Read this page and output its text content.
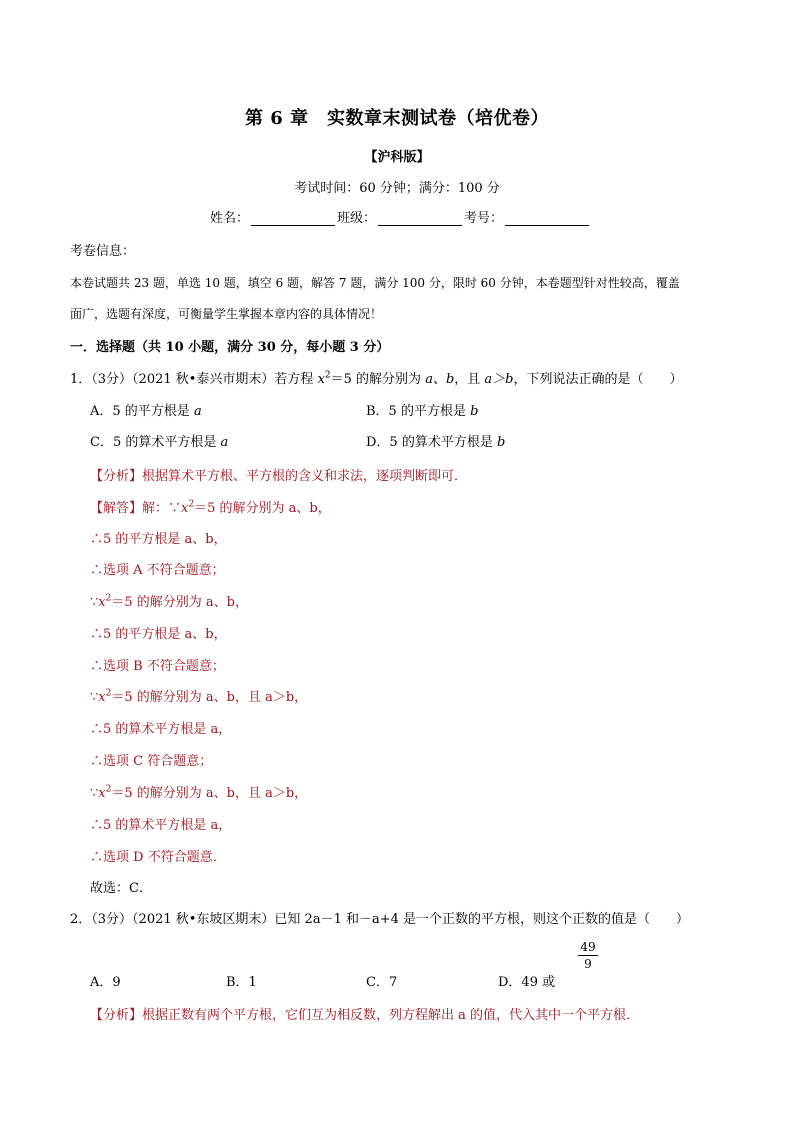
第 6 章　实数章末测试卷（培优卷）
【沪科版】
考试时间：60 分钟；满分：100 分
姓名：	班级：	考号：
考卷信息：
本卷试题共 23 题，单选 10 题，填空 6 题，解答 7 题，满分 100 分，限时 60 分钟，本卷题型针对性较高，覆盖
面广，选题有深度，可衡量学生掌握本章内容的具体情况！
一．选择题（共 10 小题，满分 30 分，每小题 3 分）
1．（3分）（2021 秋•泰兴市期末）若方程 $x^2=5$ 的解分别为 a、b，且 a＞b，下列说法正确的是（　　）
A．5 的平方根是 a	B．5 的平方根是 b
C．5 的算术平方根是 a	D．5 的算术平方根是 b
【分析】根据算术平方根、平方根的含义和求法，逐项判断即可．
【解答】解：$\because x^2=5$ 的解分别为 a、b，
∴5 的平方根是 a、b，
∴选项 A 不符合题意；
$\because x^2=5$ 的解分别为 a、b，
∴5 的平方根是 a、b，
∴选项 B 不符合题意；
$\because x^2=5$ 的解分别为 a、b，且 a＞b，
∴5 的算术平方根是 a，
∴选项 C 符合题意；
$\because x^2=5$ 的解分别为 a、b，且 a＞b，
∴5 的算术平方根是 a，
∴选项 D 不符合题意．
故选：C．
2．（3分）（2021 秋•东坡区期末）已知 2a－1 和－a+4 是一个正数的平方根，则这个正数的值是（　　）
A．9	B．1	C．7	D．49 或
$\frac{49}{9}$
【分析】根据正数有两个平方根，它们互为相反数，列方程解出 a 的值，代入其中一个平方根．
